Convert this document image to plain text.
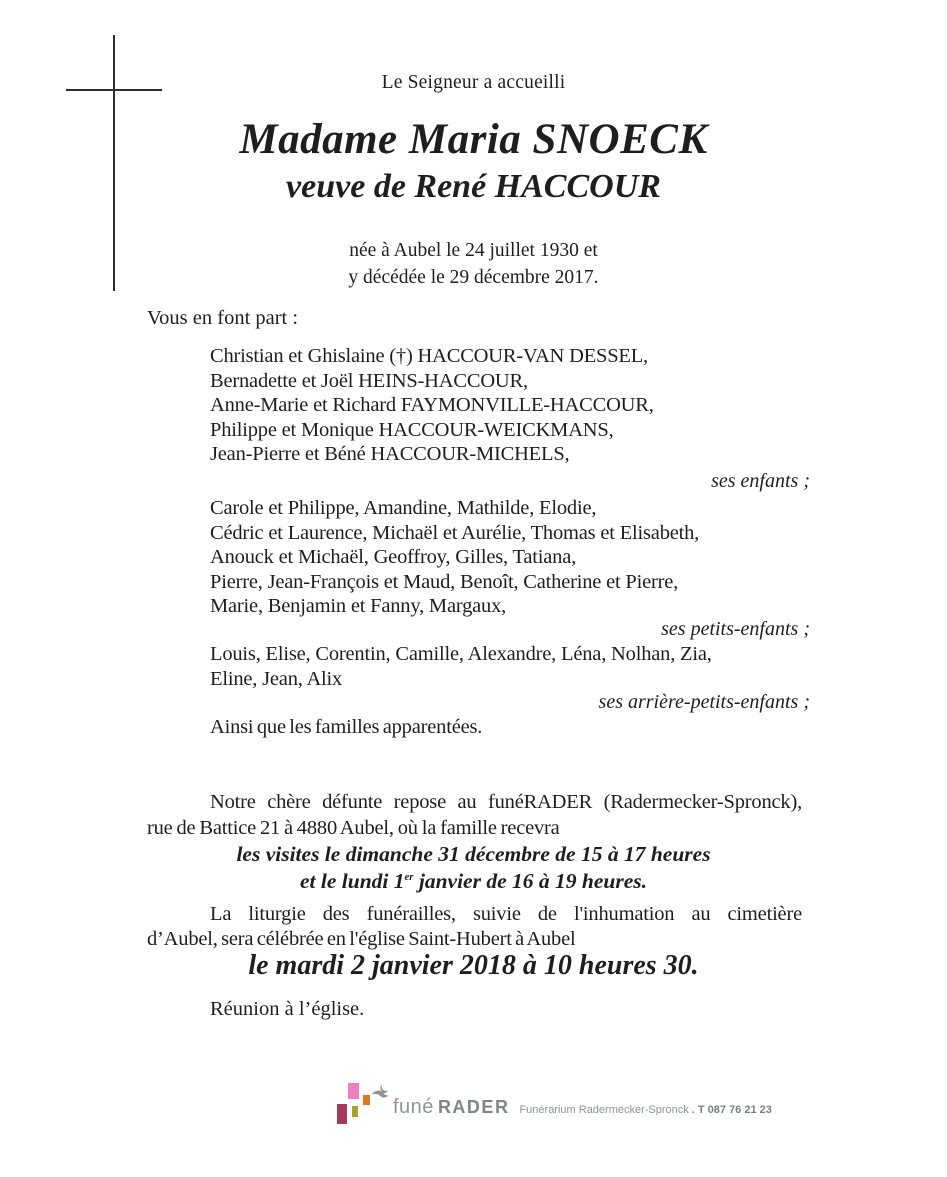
Le Seigneur a accueilli
Madame Maria SNOECK
veuve de René HACCOUR
née à Aubel le 24 juillet 1930 et
y décédée le 29 décembre 2017.
Vous en font part :
Christian et Ghislaine (†) HACCOUR-VAN DESSEL,
Bernadette et Joël HEINS-HACCOUR,
Anne-Marie et Richard FAYMONVILLE-HACCOUR,
Philippe et Monique HACCOUR-WEICKMANS,
Jean-Pierre et Béné HACCOUR-MICHELS,
ses enfants ;
Carole et Philippe, Amandine, Mathilde, Elodie,
Cédric et Laurence, Michaël et Aurélie, Thomas et Elisabeth,
Anouck et Michaël, Geoffroy, Gilles, Tatiana,
Pierre, Jean-François et Maud, Benoît, Catherine et Pierre,
Marie, Benjamin et Fanny, Margaux,
ses petits-enfants ;
Louis, Elise, Corentin, Camille, Alexandre, Léna, Nolhan, Zia,
Eline, Jean, Alix
ses arrière-petits-enfants ;
Ainsi que les familles apparentées.
Notre chère défunte repose au funéRADER (Radermecker-Spronck),
rue de Battice 21 à 4880 Aubel, où la famille recevra
les visites le dimanche 31 décembre de 15 à 17 heures
et le lundi 1er janvier de 16 à 19 heures.
La liturgie des funérailles, suivie de l'inhumation au cimetière
d’Aubel, sera célébrée en l'église Saint-Hubert à Aubel
le mardi 2 janvier 2018 à 10 heures 30.
Réunion à l’église.
funé RADER Funérarium Radermecker-Spronck . T 087 76 21 23
